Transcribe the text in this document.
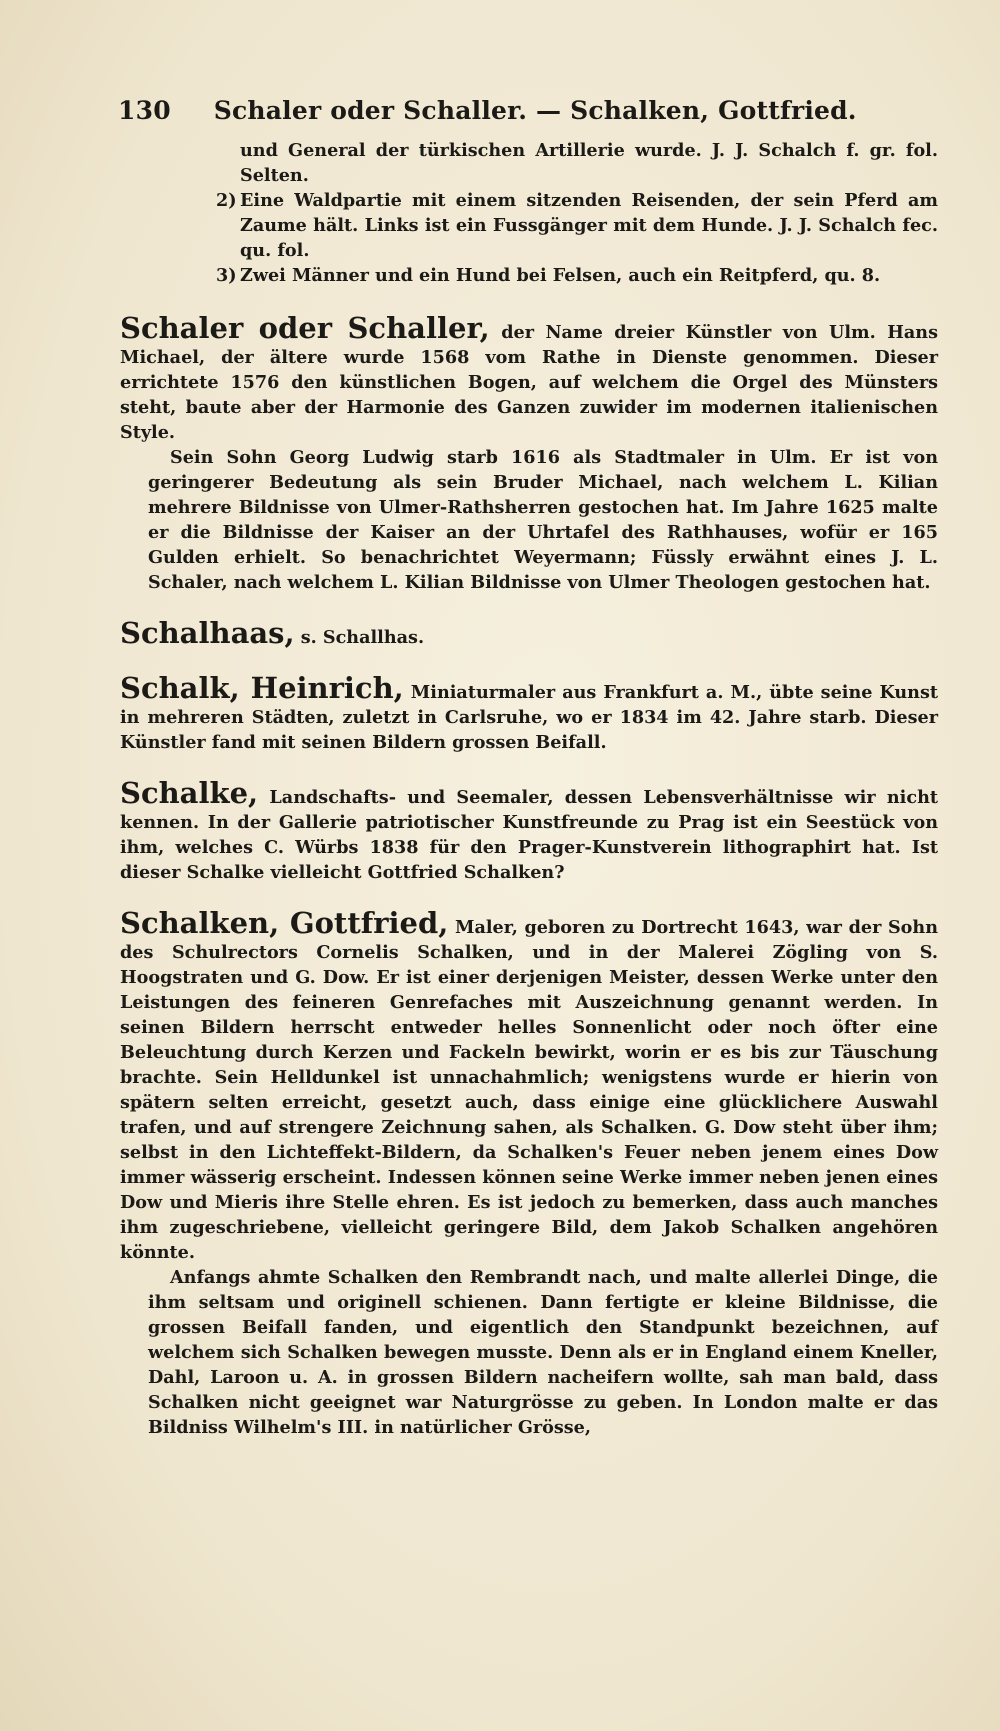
130 Schaler oder Schaller. — Schalken, Gottfried.
und General der türkischen Artillerie wurde. J. J. Schalch f. gr. fol. Selten.
2) Eine Waldpartie mit einem sitzenden Reisenden, der sein Pferd am Zaume hält. Links ist ein Fussgänger mit dem Hunde. J. J. Schalch fec. qu. fol.
3) Zwei Männer und ein Hund bei Felsen, auch ein Reitpferd, qu. 8.
Schaler oder Schaller, der Name dreier Künstler von Ulm. Hans Michael, der ältere wurde 1568 vom Rathe in Dienste genommen. Dieser errichtete 1576 den künstlichen Bogen, auf welchem die Orgel des Münsters steht, baute aber der Harmonie des Ganzen zuwider im modernen italienischen Style.
Sein Sohn Georg Ludwig starb 1616 als Stadtmaler in Ulm. Er ist von geringerer Bedeutung als sein Bruder Michael, nach welchem L. Kilian mehrere Bildnisse von Ulmer-Rathsherren gestochen hat. Im Jahre 1625 malte er die Bildnisse der Kaiser an der Uhrtafel des Rathhauses, wofür er 165 Gulden erhielt. So benachrichtet Weyermann; Füssly erwähnt eines J. L. Schaler, nach welchem L. Kilian Bildnisse von Ulmer Theologen gestochen hat.
Schalhaas, s. Schallhas.
Schalk, Heinrich, Miniaturmaler aus Frankfurt a. M., übte seine Kunst in mehreren Städten, zuletzt in Carlsruhe, wo er 1834 im 42. Jahre starb. Dieser Künstler fand mit seinen Bildern grossen Beifall.
Schalke, Landschafts- und Seemaler, dessen Lebensverhältnisse wir nicht kennen. In der Gallerie patriotischer Kunstfreunde zu Prag ist ein Seestück von ihm, welches C. Würbs 1838 für den Prager-Kunstverein lithographirt hat. Ist dieser Schalke vielleicht Gottfried Schalken?
Schalken, Gottfried, Maler, geboren zu Dortrecht 1643, war der Sohn des Schulrectors Cornelis Schalken, und in der Malerei Zögling von S. Hoogstraten und G. Dow. Er ist einer derjenigen Meister, dessen Werke unter den Leistungen des feineren Genrefaches mit Auszeichnung genannt werden. In seinen Bildern herrscht entweder helles Sonnenlicht oder noch öfter eine Beleuchtung durch Kerzen und Fackeln bewirkt, worin er es bis zur Täuschung brachte. Sein Helldunkel ist unnachahmlich; wenigstens wurde er hierin von spätern selten erreicht, gesetzt auch, dass einige eine glücklichere Auswahl trafen, und auf strengere Zeichnung sahen, als Schalken. G. Dow steht über ihm; selbst in den Lichteffekt-Bildern, da Schalken's Feuer neben jenem eines Dow immer wässerig erscheint. Indessen können seine Werke immer neben jenen eines Dow und Mieris ihre Stelle ehren. Es ist jedoch zu bemerken, dass auch manches ihm zugeschriebene, vielleicht geringere Bild, dem Jakob Schalken angehören könnte.
Anfangs ahmte Schalken den Rembrandt nach, und malte allerlei Dinge, die ihm seltsam und originell schienen. Dann fertigte er kleine Bildnisse, die grossen Beifall fanden, und eigentlich den Standpunkt bezeichnen, auf welchem sich Schalken bewegen musste. Denn als er in England einem Kneller, Dahl, Laroon u. A. in grossen Bildern nacheifern wollte, sah man bald, dass Schalken nicht geeignet war Naturgrösse zu geben. In London malte er das Bildniss Wilhelm's III. in natürlicher Grösse,
